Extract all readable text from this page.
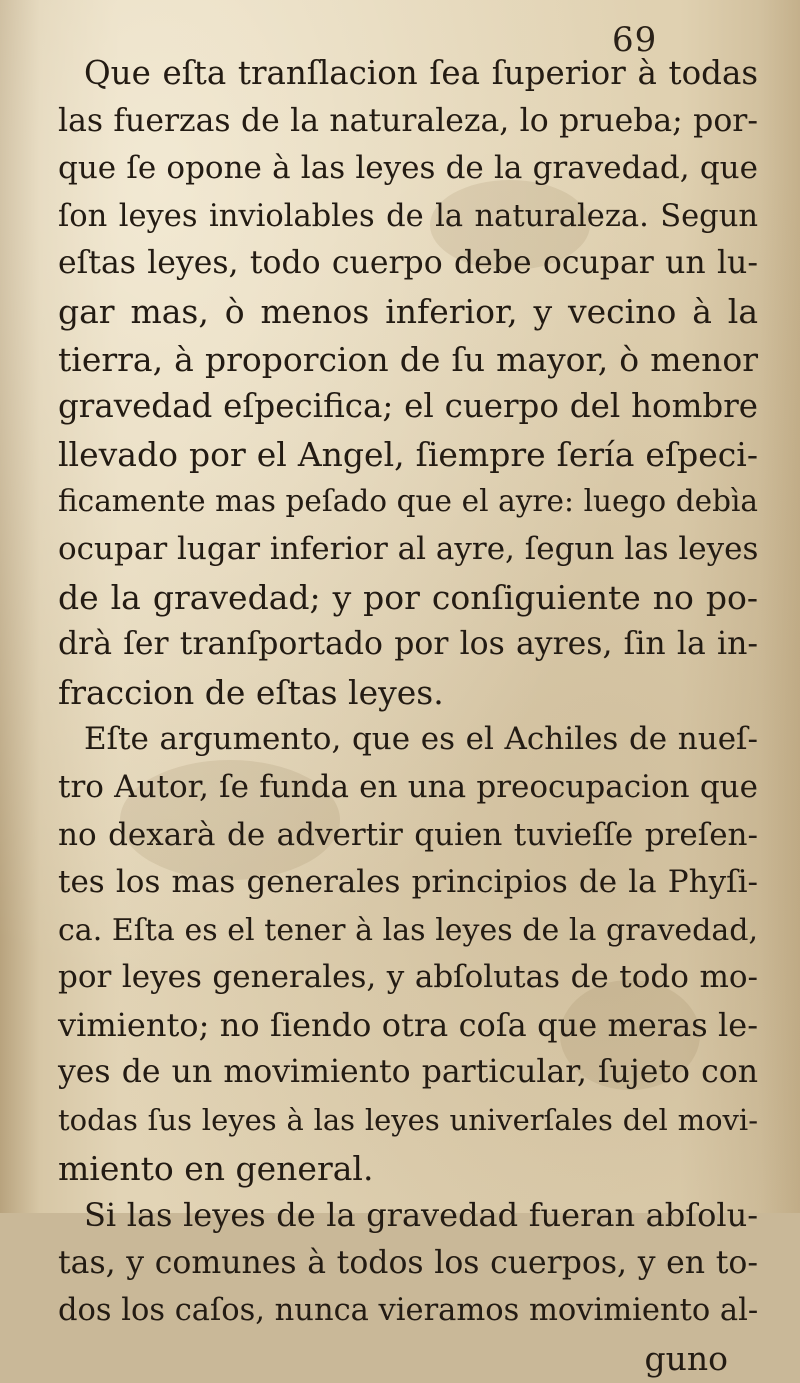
69
Que eſta tranſlacion ſea ſuperior à todas
las fuerzas de la naturaleza, lo prueba; por-
que ſe opone à las leyes de la gravedad, que
ſon leyes inviolables de la naturaleza. Segun
eſtas leyes, todo cuerpo debe ocupar un lu-
gar mas, ò menos inferior, y vecino à la
tierra, à proporcion de ſu mayor, ò menor
gravedad eſpecifica; el cuerpo del hombre
llevado por el Angel, ſiempre ſería eſpeci-
ficamente mas peſado que el ayre: luego debìa
ocupar lugar inferior al ayre, ſegun las leyes
de la gravedad; y por conſiguiente no po-
drà ſer tranſportado por los ayres, ſin la in-
fraccion de eſtas leyes.
Eſte argumento, que es el Achiles de nueſ-
tro Autor, ſe funda en una preocupacion que
no dexarà de advertir quien tuvieſſe preſen-
tes los mas generales principios de la Phyſi-
ca. Eſta es el tener à las leyes de la gravedad,
por leyes generales, y abſolutas de todo mo-
vimiento; no ſiendo otra coſa que meras le-
yes de un movimiento particular, ſujeto con
todas ſus leyes à las leyes univerſales del movi-
miento en general.
Si las leyes de la gravedad fueran abſolu-
tas, y comunes à todos los cuerpos, y en to-
dos los caſos, nunca vieramos movimiento al-
guno
